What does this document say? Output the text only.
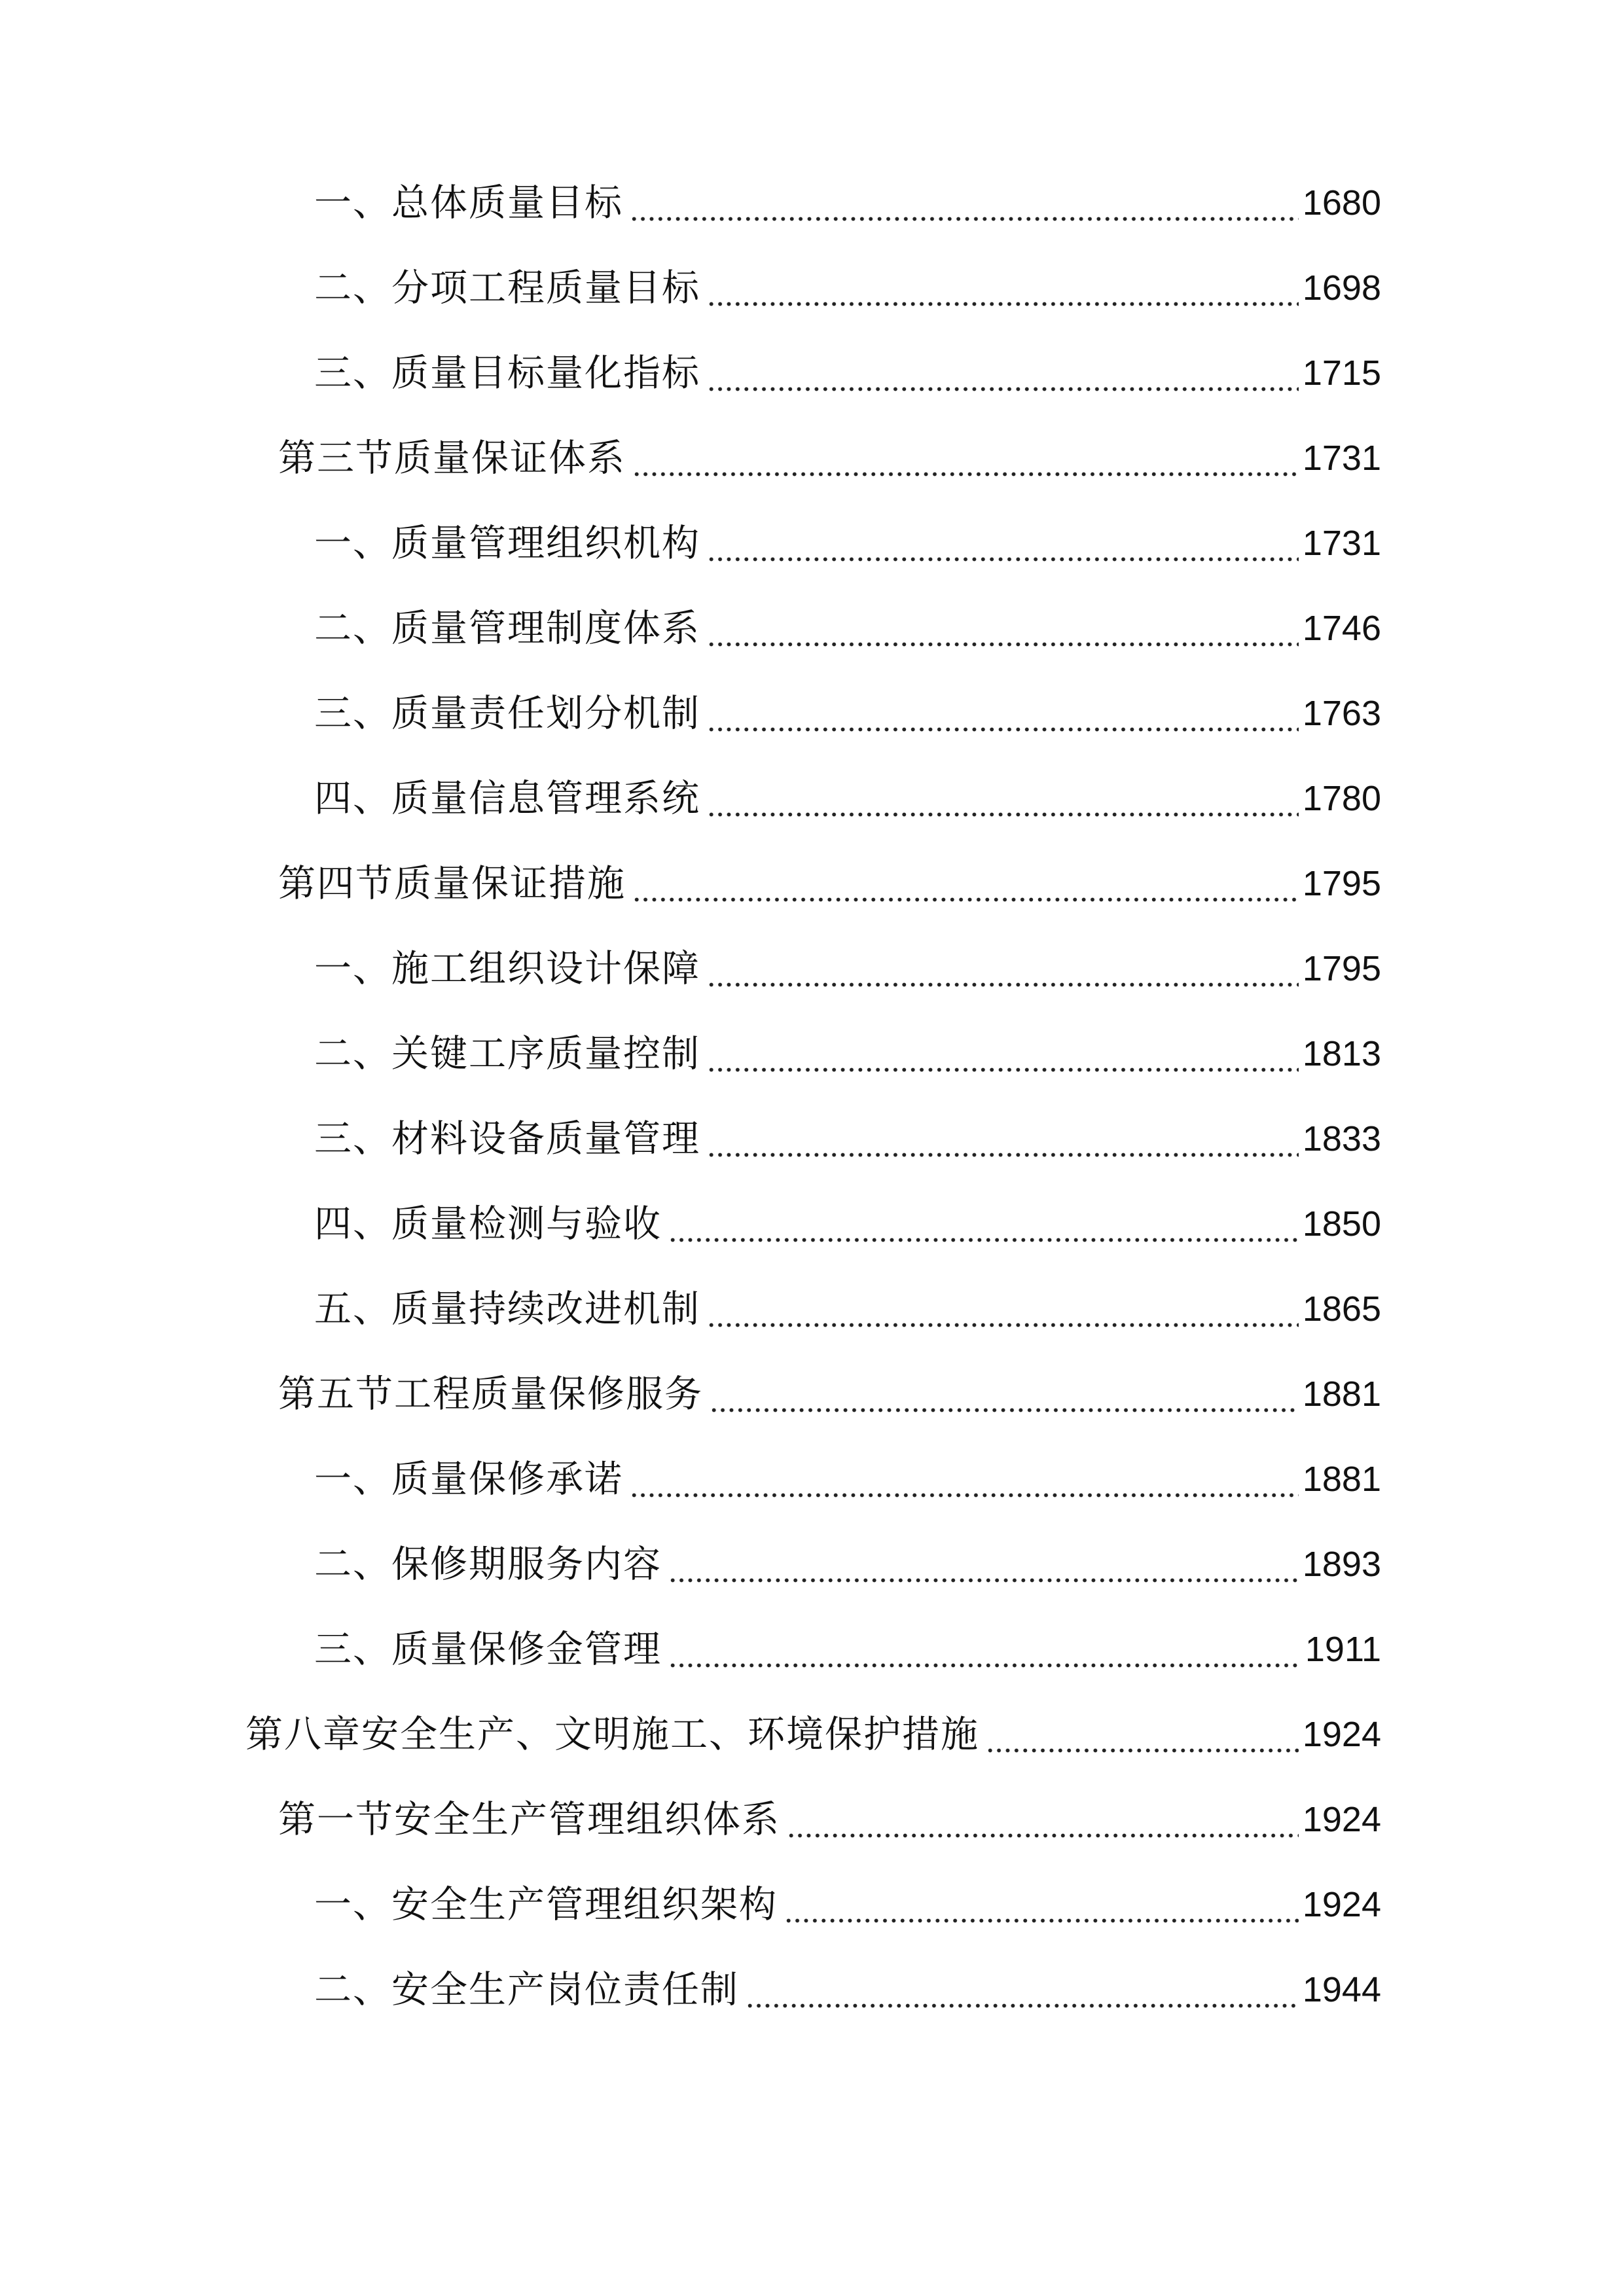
一、总体质量目标	1680
二、分项工程质量目标	1698
三、质量目标量化指标	1715
第三节质量保证体系	1731
一、质量管理组织机构	1731
二、质量管理制度体系	1746
三、质量责任划分机制	1763
四、质量信息管理系统	1780
第四节质量保证措施	1795
一、施工组织设计保障	1795
二、关键工序质量控制	1813
三、材料设备质量管理	1833
四、质量检测与验收	1850
五、质量持续改进机制	1865
第五节工程质量保修服务	1881
一、质量保修承诺	1881
二、保修期服务内容	1893
三、质量保修金管理	1911
第八章安全生产、文明施工、环境保护措施	1924
第一节安全生产管理组织体系	1924
一、安全生产管理组织架构	1924
二、安全生产岗位责任制	1944
